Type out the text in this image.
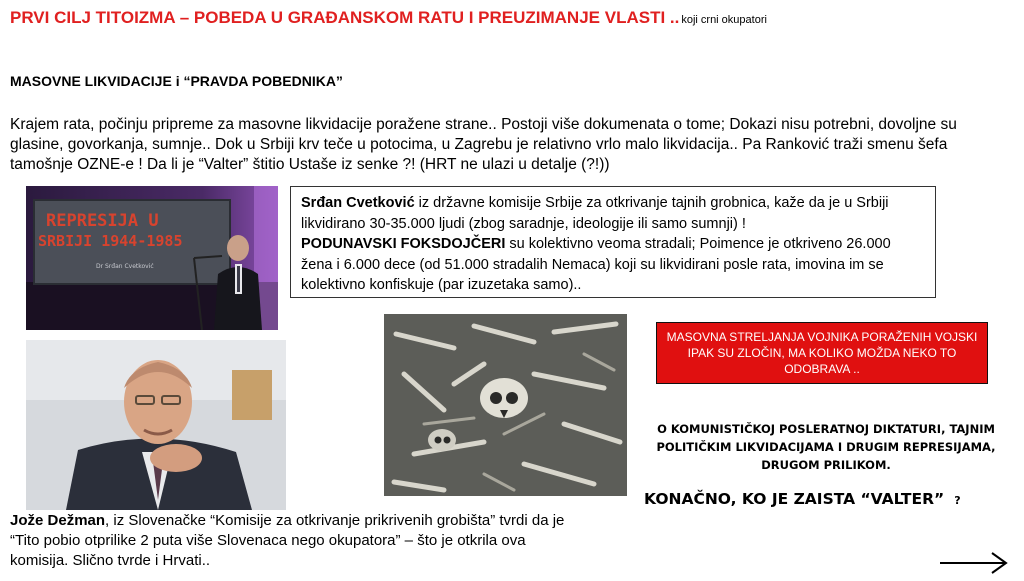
PRVI CILJ TITOIZMA – POBEDA U GRAĐANSKOM RATU I PREUZIMANJE VLASTI .. koji crni okupatori
MASOVNE LIKVIDACIJE i “PRAVDA POBEDNIKA”
Krajem rata, počinju pripreme za masovne likvidacije poražene strane.. Postoji više dokumenata o tome; Dokazi nisu potrebni, dovoljne su glasine, govorkanja, sumnje.. Dok u Srbiji krv teče u potocima, u Zagrebu je relativno vrlo malo likvidacija.. Pa Ranković traži smenu šefa tamošnje OZNE-e ! Da li je “Valter” štitio Ustaše iz senke ?! (HRT ne ulazi u detalje (?!))
REPRESIJA U
SRBIJI 1944-1985
Dr Srđan Cvetković
Srđan Cvetković iz državne komisije Srbije za otkrivanje tajnih grobnica, kaže da je u Srbiji likvidirano 30-35.000 ljudi (zbog saradnje, ideologije ili samo sumnji) !
PODUNAVSKI FOKSDOJČERI su kolektivno veoma stradali; Poimence je otkriveno 26.000 žena i 6.000 dece (od 51.000 stradalih Nemaca) koji su likvidirani posle rata, imovina im se kolektivno konfiskuje (par izuzetaka samo)..
MASOVNA STRELJANJA VOJNIKA PORAŽENIH VOJSKI IPAK SU ZLOČIN, MA KOLIKO MOŽDA NEKO TO ODOBRAVA ..
O KOMUNISTIČKOJ POSLERATNOJ DIKTATURI, TAJNIM POLITIČKIM LIKVIDACIJAMA I DRUGIM REPRESIJAMA, DRUGOM PRILIKOM.
KONAČNO, KO JE ZAISTA “VALTER” ?
Jože Dežman, iz Slovenačke “Komisije za otkrivanje prikrivenih grobišta” tvrdi da je “Tito pobio otprilike 2 puta više Slovenaca nego okupatora” – što je otkrila ova komisija. Slično tvrde i Hrvati..
